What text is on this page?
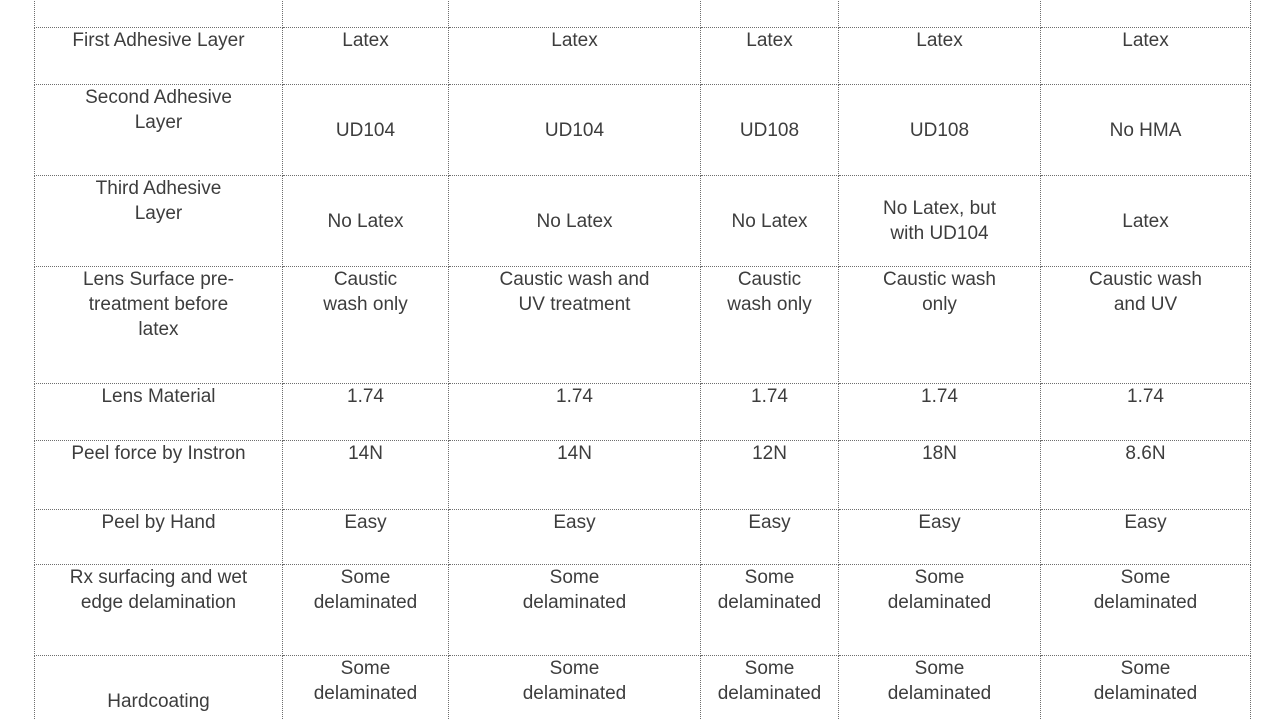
First Adhesive Layer	Latex	Latex	Latex	Latex	Latex

Second Adhesive
Layer	UD104	UD104	UD108	UD108	No HMA

Third Adhesive
Layer	No Latex	No Latex	No Latex	No Latex, but
with UD104	Latex

Lens Surface pre-
treatment before
latex	Caustic
wash only	Caustic wash and
UV treatment	Caustic
wash only	Caustic wash
only	Caustic wash
and UV

Lens Material	1.74	1.74	1.74	1.74	1.74

Peel force by Instron	14N	14N	12N	18N	8.6N

Peel by Hand	Easy	Easy	Easy	Easy	Easy

Rx surfacing and wet
edge delamination	Some
delaminated	Some
delaminated	Some
delaminated	Some
delaminated	Some
delaminated

Hardcoating	Some
delaminated	Some
delaminated	Some
delaminated	Some
delaminated	Some
delaminated
